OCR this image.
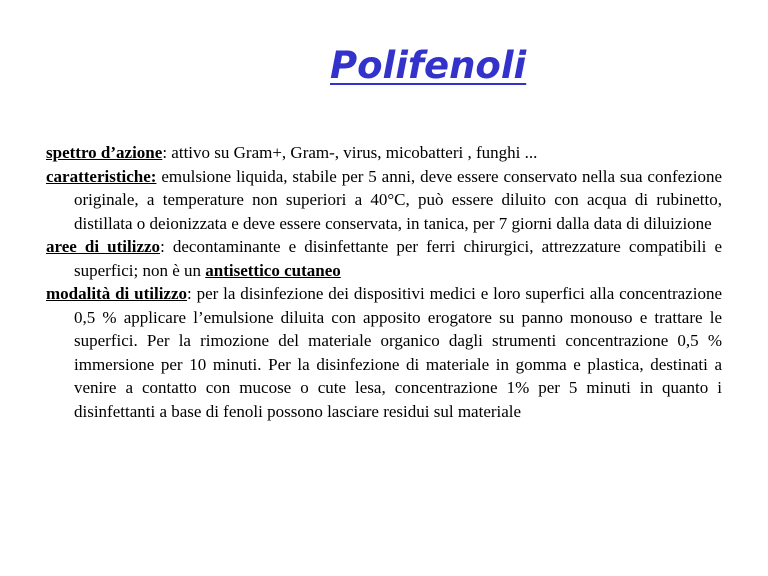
Polifenoli

spettro d’azione: attivo su Gram+, Gram-, virus, micobatteri , funghi ...

caratteristiche: emulsione liquida, stabile per 5 anni, deve essere conservato nella sua confezione originale, a temperature non superiori a 40°C, può essere diluito con acqua di rubinetto, distillata o deionizzata e deve essere conservata, in tanica, per 7 giorni dalla data di diluizione

aree di utilizzo: decontaminante e disinfettante per ferri chirurgici, attrezzature compatibili e superfici; non è un antisettico cutaneo

modalità di utilizzo: per la disinfezione dei dispositivi medici e loro superfici alla concentrazione 0,5 % applicare l’emulsione diluita con apposito erogatore su panno monouso e trattare le superfici. Per la rimozione del materiale organico dagli strumenti concentrazione 0,5 % immersione per 10 minuti. Per la disinfezione di materiale in gomma e plastica, destinati a venire a contatto con mucose o cute lesa, concentrazione 1% per 5 minuti in quanto i disinfettanti a base di fenoli possono lasciare residui sul materiale
